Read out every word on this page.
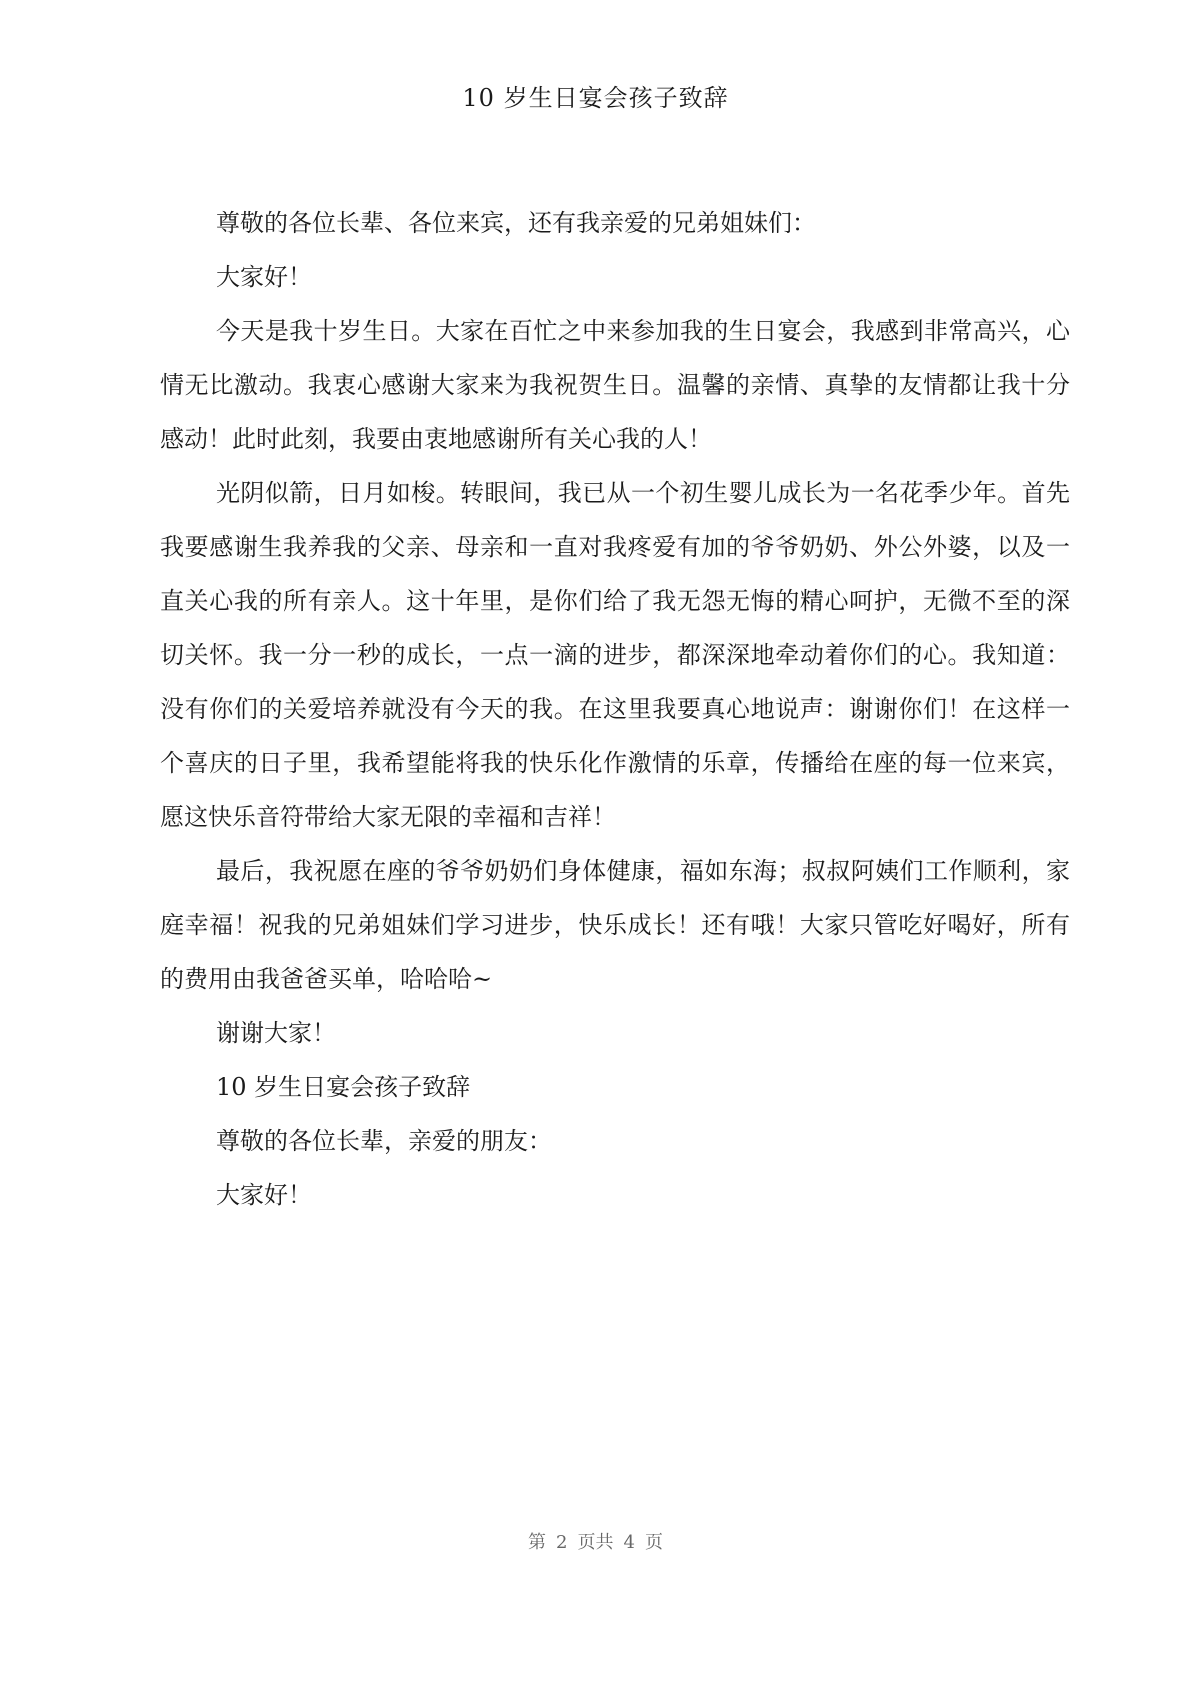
10 岁生日宴会孩子致辞

尊敬的各位长辈、各位来宾，还有我亲爱的兄弟姐妹们：

大家好！

今天是我十岁生日。大家在百忙之中来参加我的生日宴会，我感到非常高兴，心情无比激动。我衷心感谢大家来为我祝贺生日。温馨的亲情、真挚的友情都让我十分感动！此时此刻，我要由衷地感谢所有关心我的人！

光阴似箭，日月如梭。转眼间，我已从一个初生婴儿成长为一名花季少年。首先我要感谢生我养我的父亲、母亲和一直对我疼爱有加的爷爷奶奶、外公外婆，以及一直关心我的所有亲人。这十年里，是你们给了我无怨无悔的精心呵护，无微不至的深切关怀。我一分一秒的成长，一点一滴的进步，都深深地牵动着你们的心。我知道：没有你们的关爱培养就没有今天的我。在这里我要真心地说声：谢谢你们！在这样一个喜庆的日子里，我希望能将我的快乐化作激情的乐章，传播给在座的每一位来宾，愿这快乐音符带给大家无限的幸福和吉祥！

最后，我祝愿在座的爷爷奶奶们身体健康，福如东海；叔叔阿姨们工作顺利，家庭幸福！祝我的兄弟姐妹们学习进步，快乐成长！还有哦！大家只管吃好喝好，所有的费用由我爸爸买单，哈哈哈~

谢谢大家！

10 岁生日宴会孩子致辞

尊敬的各位长辈，亲爱的朋友：

大家好！

第 2 页共 4 页
